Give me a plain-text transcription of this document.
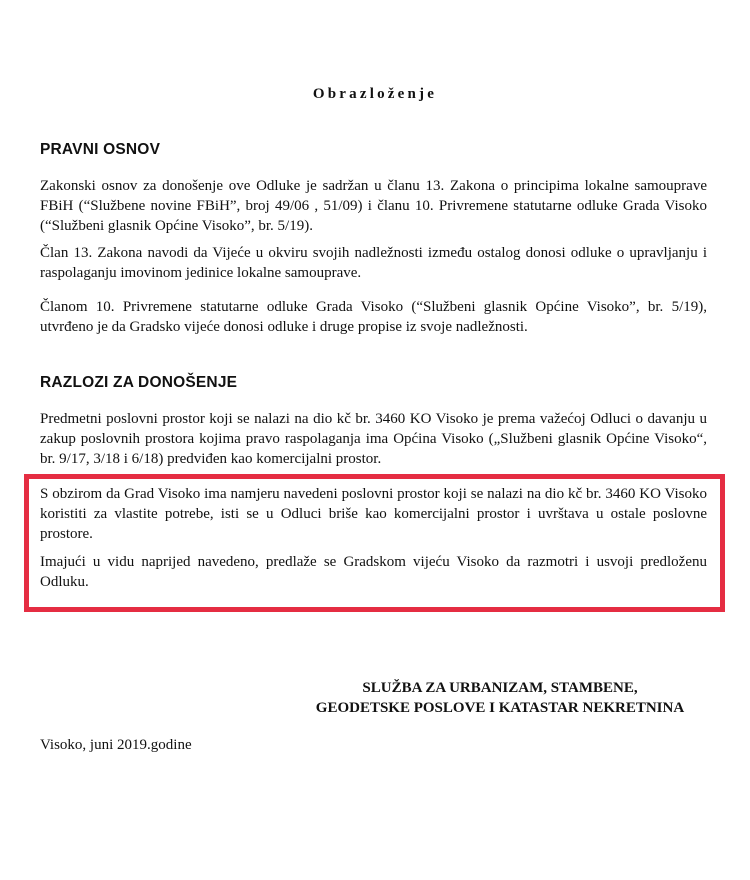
Obrazloženje
PRAVNI OSNOV

Zakonski osnov za donošenje ove Odluke je sadržan u članu 13. Zakona o principima lokalne samouprave FBiH (“Službene novine FBiH”, broj 49/06 , 51/09) i članu 10. Privremene statutarne odluke Grada Visoko (“Službeni glasnik Općine Visoko”, br. 5/19).

Član 13. Zakona navodi da Vijeće u okviru svojih nadležnosti između ostalog donosi odluke o upravljanju i raspolaganju imovinom jedinice lokalne samouprave.

Članom 10. Privremene statutarne odluke Grada Visoko (“Službeni glasnik Općine Visoko”, br. 5/19), utvrđeno je da Gradsko vijeće donosi odluke i druge propise iz svoje nadležnosti.

RAZLOZI ZA DONOŠENJE

Predmetni poslovni prostor koji se nalazi na dio kč br. 3460 KO Visoko je prema važećoj Odluci o davanju u zakup poslovnih prostora kojima pravo raspolaganja ima Općina Visoko („Službeni glasnik Općine Visoko“, br. 9/17, 3/18 i 6/18) predviđen kao komercijalni prostor.

S obzirom da Grad Visoko ima namjeru navedeni poslovni prostor koji se nalazi na dio kč br. 3460 KO Visoko koristiti za vlastite potrebe, isti se u Odluci briše kao komercijalni prostor i uvrštava u ostale poslovne prostore.

Imajući u vidu naprijed navedeno, predlaže se Gradskom vijeću Visoko da razmotri i usvoji predloženu Odluku.

SLUŽBA ZA URBANIZAM, STAMBENE,
GEODETSKE POSLOVE I KATASTAR NEKRETNINA
Visoko, juni 2019.godine
